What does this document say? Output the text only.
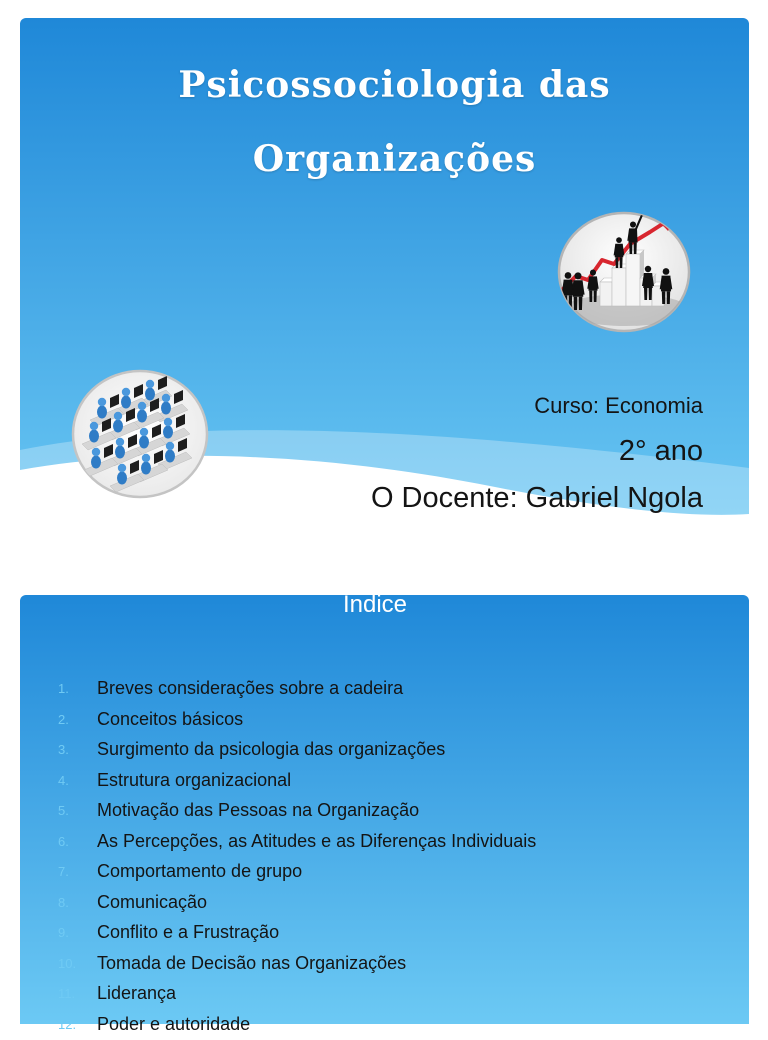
Psicossociologia das
Organizações

Curso: Economia

2° ano

O Docente: Gabriel Ngola

Índice
1.	Breves considerações sobre a cadeira
2.	Conceitos básicos
3.	Surgimento da psicologia das organizações
4.	Estrutura organizacional
5.	Motivação das Pessoas na Organização
6.	As Percepções, as Atitudes e as Diferenças Individuais
7.	Comportamento de grupo
8.	Comunicação
9.	Conflito e a Frustração
10.	Tomada de Decisão nas Organizações
11.	Liderança
12.	Poder e autoridade
